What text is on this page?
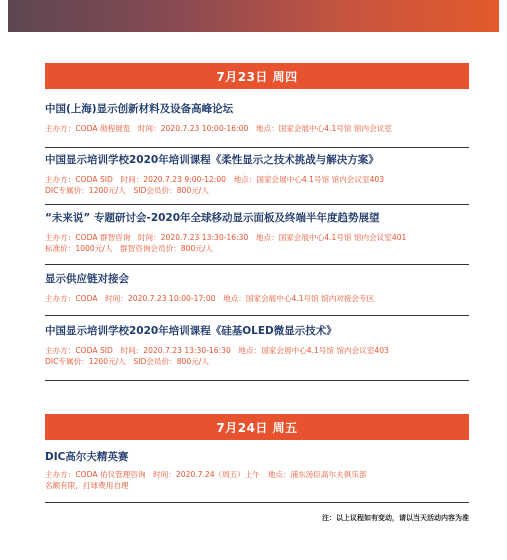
7月23日 周四
中国(上海)显示创新材料及设备高峰论坛
主办方：CODA 勋程展览　时间：2020.7.23 10:00-16:00　地点：国家会展中心4.1号馆 馆内会议室
中国显示培训学校2020年培训课程《柔性显示之技术挑战与解决方案》
主办方：CODA SID　时间：2020.7.23 9:00-12:00　地点：国家会展中心4.1号馆 馆内会议室403
DIC专属价：1200元/人　SID会员价：800元/人
“未来说” 专题研讨会-2020年全球移动显示面板及终端半年度趋势展望
主办方：CODA 群智咨询　时间：2020.7.23 13:30-16:30　地点：国家会展中心4.1号馆 馆内会议室401
标准价：1000元/人　群智咨询会员价：800元/人
显示供应链对接会
主办方：CODA　时间：2020.7.23 10:00-17:00　地点：国家会展中心4.1号馆 馆内对接会专区
中国显示培训学校2020年培训课程《硅基OLED微显示技术》
主办方：CODA SID　时间：2020.7.23 13:30-16:30　地点：国家会展中心4.1号馆 馆内会议室403
DIC专属价：1200元/人　SID会员价：800元/人
7月24日 周五
DIC高尔夫精英赛
主办方：CODA 佑仪管理咨询　时间：2020.7.24（周五）上午　地点：浦东汤臣高尔夫俱乐部
名额有限，打球费用自理
注：以上议程如有变动，请以当天活动内容为准
